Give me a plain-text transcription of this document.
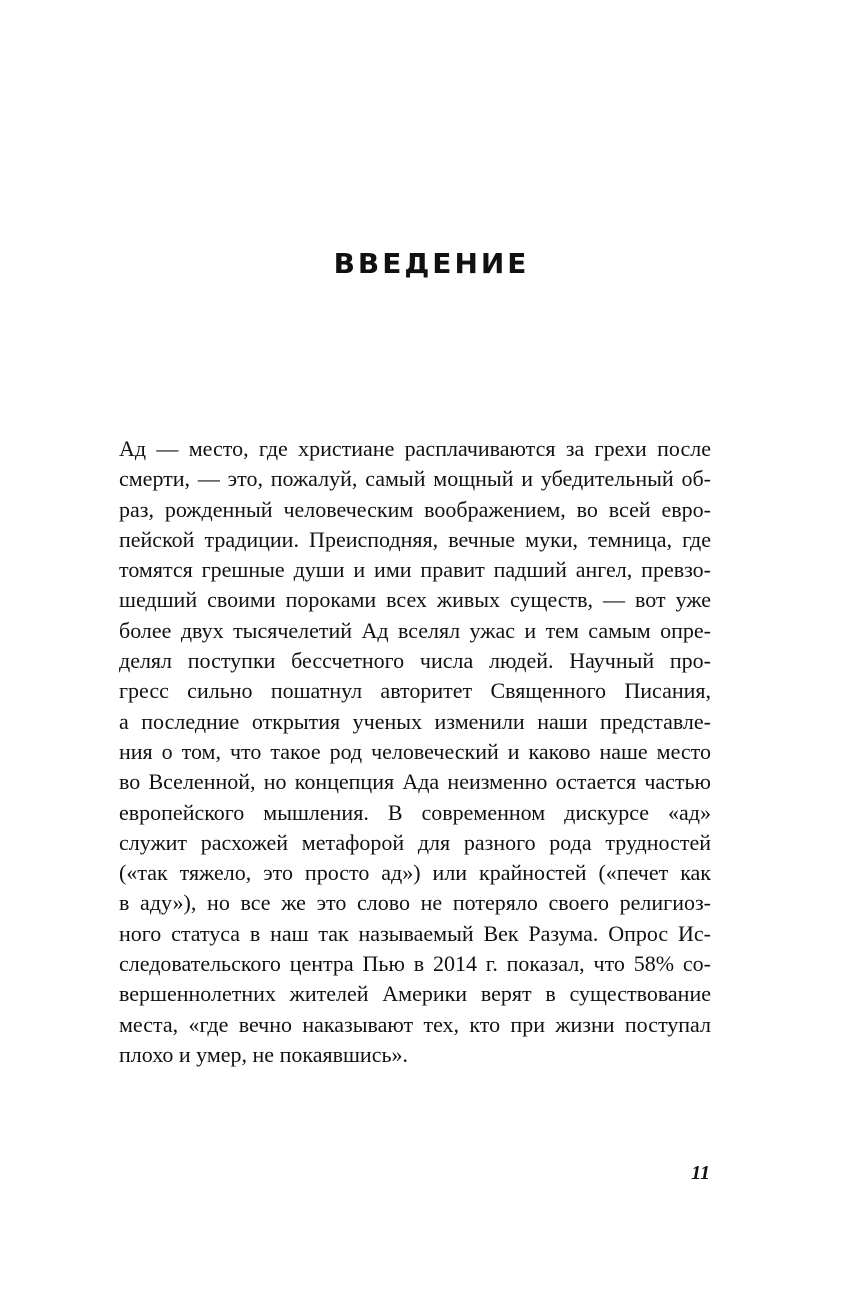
ВВЕДЕНИЕ

Ад — место, где христиане расплачиваются за грехи после
смерти, — это, пожалуй, самый мощный и убедительный об-
раз, рожденный человеческим воображением, во всей евро-
пейской традиции. Преисподняя, вечные муки, темница, где
томятся грешные души и ими правит падший ангел, превзо-
шедший своими пороками всех живых существ, — вот уже
более двух тысячелетий Ад вселял ужас и тем самым опре-
делял поступки бессчетного числа людей. Научный про-
гресс сильно пошатнул авторитет Священного Писания,
а последние открытия ученых изменили наши представле-
ния о том, что такое род человеческий и каково наше место
во Вселенной, но концепция Ада неизменно остается частью
европейского мышления. В современном дискурсе «ад»
служит расхожей метафорой для разного рода трудностей
(«так тяжело, это просто ад») или крайностей («печет как
в аду»), но все же это слово не потеряло своего религиоз-
ного статуса в наш так называемый Век Разума. Опрос Ис-
следовательского центра Пью в 2014 г. показал, что 58% со-
вершеннолетних жителей Америки верят в существование
места, «где вечно наказывают тех, кто при жизни поступал
плохо и умер, не покаявшись».

11
